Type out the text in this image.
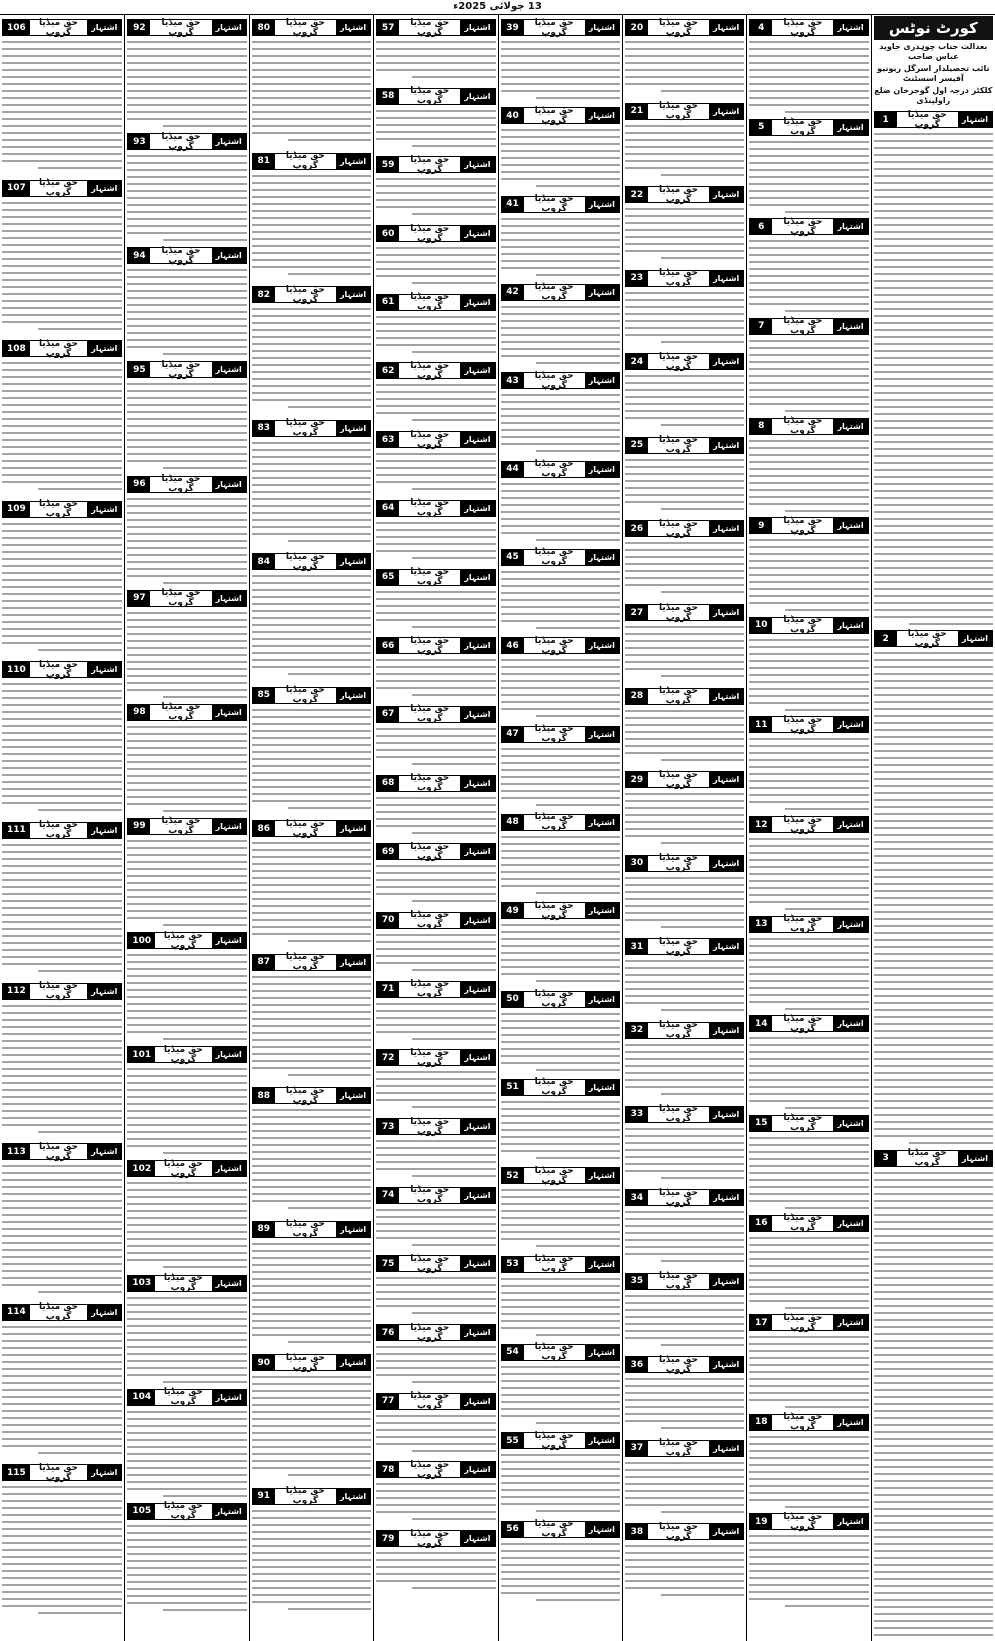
13 جولائی 2025ء
کورٹ نوٹس
بعدالت جناب چوہدری جاوید عباس صاحب
نائب تحصیلدار اسرگل ریونیو آفیسر اسسٹنٹ
کلکٹر درجہ اول گوجرخان ضلع راولپنڈی
اشتہار
حق میڈیا گروپ
1
اشتہار
حق میڈیا گروپ
2
اشتہار
حق میڈیا گروپ
3
اشتہار
حق میڈیا گروپ
4
اشتہار
حق میڈیا گروپ
5
اشتہار
حق میڈیا گروپ
6
اشتہار
حق میڈیا گروپ
7
اشتہار
حق میڈیا گروپ
8
اشتہار
حق میڈیا گروپ
9
اشتہار
حق میڈیا گروپ
10
اشتہار
حق میڈیا گروپ
11
اشتہار
حق میڈیا گروپ
12
اشتہار
حق میڈیا گروپ
13
اشتہار
حق میڈیا گروپ
14
اشتہار
حق میڈیا گروپ
15
اشتہار
حق میڈیا گروپ
16
اشتہار
حق میڈیا گروپ
17
اشتہار
حق میڈیا گروپ
18
اشتہار
حق میڈیا گروپ
19
اشتہار
حق میڈیا گروپ
20
اشتہار
حق میڈیا گروپ
21
اشتہار
حق میڈیا گروپ
22
اشتہار
حق میڈیا گروپ
23
اشتہار
حق میڈیا گروپ
24
اشتہار
حق میڈیا گروپ
25
اشتہار
حق میڈیا گروپ
26
اشتہار
حق میڈیا گروپ
27
اشتہار
حق میڈیا گروپ
28
اشتہار
حق میڈیا گروپ
29
اشتہار
حق میڈیا گروپ
30
اشتہار
حق میڈیا گروپ
31
اشتہار
حق میڈیا گروپ
32
اشتہار
حق میڈیا گروپ
33
اشتہار
حق میڈیا گروپ
34
اشتہار
حق میڈیا گروپ
35
اشتہار
حق میڈیا گروپ
36
اشتہار
حق میڈیا گروپ
37
اشتہار
حق میڈیا گروپ
38
اشتہار
حق میڈیا گروپ
39
اشتہار
حق میڈیا گروپ
40
اشتہار
حق میڈیا گروپ
41
اشتہار
حق میڈیا گروپ
42
اشتہار
حق میڈیا گروپ
43
اشتہار
حق میڈیا گروپ
44
اشتہار
حق میڈیا گروپ
45
اشتہار
حق میڈیا گروپ
46
اشتہار
حق میڈیا گروپ
47
اشتہار
حق میڈیا گروپ
48
اشتہار
حق میڈیا گروپ
49
اشتہار
حق میڈیا گروپ
50
اشتہار
حق میڈیا گروپ
51
اشتہار
حق میڈیا گروپ
52
اشتہار
حق میڈیا گروپ
53
اشتہار
حق میڈیا گروپ
54
اشتہار
حق میڈیا گروپ
55
اشتہار
حق میڈیا گروپ
56
اشتہار
حق میڈیا گروپ
57
اشتہار
حق میڈیا گروپ
58
اشتہار
حق میڈیا گروپ
59
اشتہار
حق میڈیا گروپ
60
اشتہار
حق میڈیا گروپ
61
اشتہار
حق میڈیا گروپ
62
اشتہار
حق میڈیا گروپ
63
اشتہار
حق میڈیا گروپ
64
اشتہار
حق میڈیا گروپ
65
اشتہار
حق میڈیا گروپ
66
اشتہار
حق میڈیا گروپ
67
اشتہار
حق میڈیا گروپ
68
اشتہار
حق میڈیا گروپ
69
اشتہار
حق میڈیا گروپ
70
اشتہار
حق میڈیا گروپ
71
اشتہار
حق میڈیا گروپ
72
اشتہار
حق میڈیا گروپ
73
اشتہار
حق میڈیا گروپ
74
اشتہار
حق میڈیا گروپ
75
اشتہار
حق میڈیا گروپ
76
اشتہار
حق میڈیا گروپ
77
اشتہار
حق میڈیا گروپ
78
اشتہار
حق میڈیا گروپ
79
اشتہار
حق میڈیا گروپ
80
اشتہار
حق میڈیا گروپ
81
اشتہار
حق میڈیا گروپ
82
اشتہار
حق میڈیا گروپ
83
اشتہار
حق میڈیا گروپ
84
اشتہار
حق میڈیا گروپ
85
اشتہار
حق میڈیا گروپ
86
اشتہار
حق میڈیا گروپ
87
اشتہار
حق میڈیا گروپ
88
اشتہار
حق میڈیا گروپ
89
اشتہار
حق میڈیا گروپ
90
اشتہار
حق میڈیا گروپ
91
اشتہار
حق میڈیا گروپ
92
اشتہار
حق میڈیا گروپ
93
اشتہار
حق میڈیا گروپ
94
اشتہار
حق میڈیا گروپ
95
اشتہار
حق میڈیا گروپ
96
اشتہار
حق میڈیا گروپ
97
اشتہار
حق میڈیا گروپ
98
اشتہار
حق میڈیا گروپ
99
اشتہار
حق میڈیا گروپ
100
اشتہار
حق میڈیا گروپ
101
اشتہار
حق میڈیا گروپ
102
اشتہار
حق میڈیا گروپ
103
اشتہار
حق میڈیا گروپ
104
اشتہار
حق میڈیا گروپ
105
اشتہار
حق میڈیا گروپ
106
اشتہار
حق میڈیا گروپ
107
اشتہار
حق میڈیا گروپ
108
اشتہار
حق میڈیا گروپ
109
اشتہار
حق میڈیا گروپ
110
اشتہار
حق میڈیا گروپ
111
اشتہار
حق میڈیا گروپ
112
اشتہار
حق میڈیا گروپ
113
اشتہار
حق میڈیا گروپ
114
اشتہار
حق میڈیا گروپ
115
